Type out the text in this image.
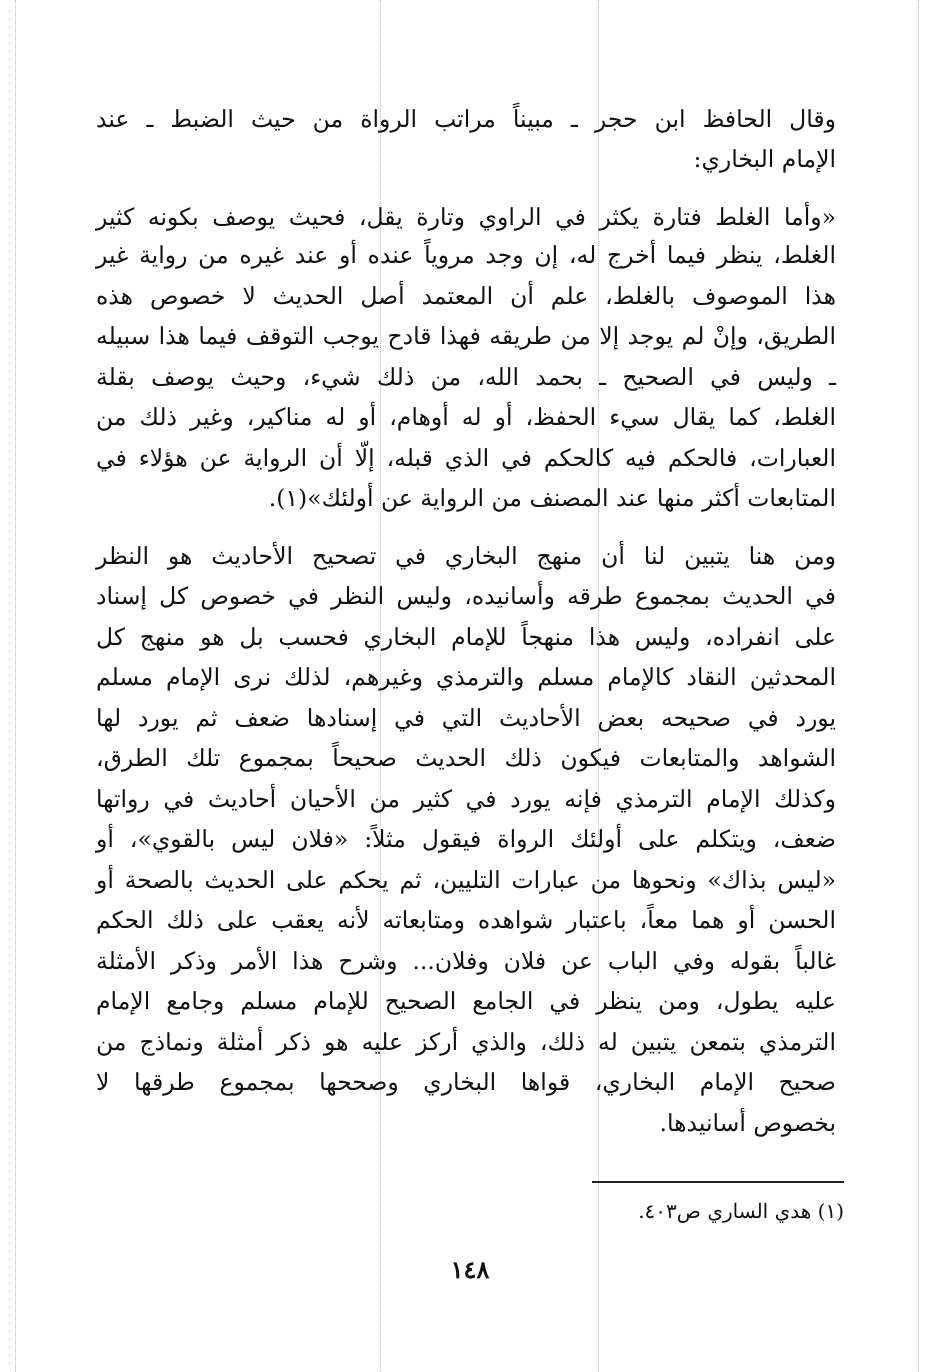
وقال الحافظ ابن حجر ـ مبيناً مراتب الرواة من حيث الضبط ـ عند
الإمام البخاري:
«وأما الغلط فتارة يكثر في الراوي وتارة يقل، فحيث يوصف بكونه كثير
الغلط، ينظر فيما أخرج له، إن وجد مروياً عنده أو عند غيره من رواية غير
هذا الموصوف بالغلط، علم أن المعتمد أصل الحديث لا خصوص هذه
الطريق، وإنْ لم يوجد إلا من طريقه فهذا قادح يوجب التوقف فيما هذا سبيله
ـ وليس في الصحيح ـ بحمد الله، من ذلك شيء، وحيث يوصف بقلة
الغلط، كما يقال سيء الحفظ، أو له أوهام، أو له مناكير، وغير ذلك من
العبارات، فالحكم فيه كالحكم في الذي قبله، إلّا أن الرواية عن هؤلاء في
المتابعات أكثر منها عند المصنف من الرواية عن أولئك»(١).
ومن هنا يتبين لنا أن منهج البخاري في تصحيح الأحاديث هو النظر
في الحديث بمجموع طرقه وأسانيده، وليس النظر في خصوص كل إسناد
على انفراده، وليس هذا منهجاً للإمام البخاري فحسب بل هو منهج كل
المحدثين النقاد كالإمام مسلم والترمذي وغيرهم، لذلك نرى الإمام مسلم
يورد في صحيحه بعض الأحاديث التي في إسنادها ضعف ثم يورد لها
الشواهد والمتابعات فيكون ذلك الحديث صحيحاً بمجموع تلك الطرق،
وكذلك الإمام الترمذي فإنه يورد في كثير من الأحيان أحاديث في رواتها
ضعف، ويتكلم على أولئك الرواة فيقول مثلاً: «فلان ليس بالقوي»، أو
«ليس بذاك» ونحوها من عبارات التليين، ثم يحكم على الحديث بالصحة أو
الحسن أو هما معاً، باعتبار شواهده ومتابعاته لأنه يعقب على ذلك الحكم
غالباً بقوله وفي الباب عن فلان وفلان... وشرح هذا الأمر وذكر الأمثلة
عليه يطول، ومن ينظر في الجامع الصحيح للإمام مسلم وجامع الإمام
الترمذي بتمعن يتبين له ذلك، والذي أركز عليه هو ذكر أمثلة ونماذج من
صحيح الإمام البخاري، قواها البخاري وصححها بمجموع طرقها لا
بخصوص أسانيدها.
(١) هدي الساري ص٤٠٣.
١٤٨
